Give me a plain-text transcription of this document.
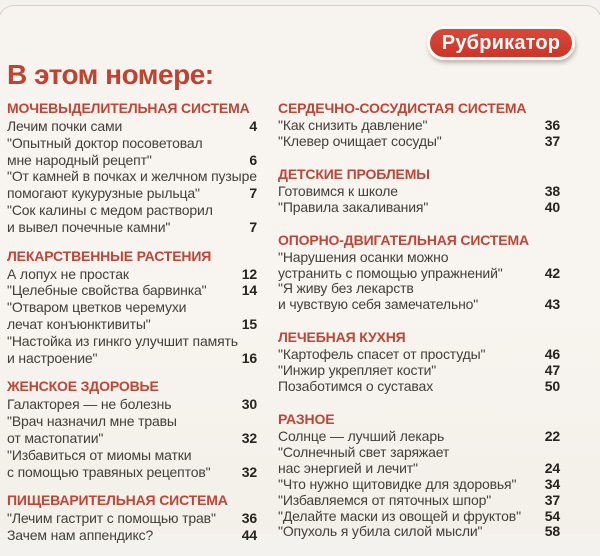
Рубрикатор
В этом номере:
МОЧЕВЫДЕЛИТЕЛЬНАЯ СИСТЕМА
Лечим почки сами	4
"Опытный доктор посоветовал
мне народный рецепт"	6
"От камней в почках и желчном пузыре
помогают кукурузные рыльца"	7
"Сок калины с медом растворил
и вывел почечные камни"	7
ЛЕКАРСТВЕННЫЕ РАСТЕНИЯ
А лопух не простак	12
"Целебные свойства барвинка"	14
"Отваром цветков черемухи
лечат конъюнктивиты"	15
"Настойка из гинкго улучшит память
и настроение"	16
ЖЕНСКОЕ ЗДОРОВЬЕ
Галакторея — не болезнь	30
"Врач назначил мне травы
от мастопатии"	32
"Избавиться от миомы матки
с помощью травяных рецептов"	32
ПИЩЕВАРИТЕЛЬНАЯ СИСТЕМА
"Лечим гастрит с помощью трав"	36
Зачем нам аппендикс?	44
СЕРДЕЧНО-СОСУДИСТАЯ СИСТЕМА
"Как снизить давление"	36
"Клевер очищает сосуды"	37
ДЕТСКИЕ ПРОБЛЕМЫ
Готовимся к школе	38
"Правила закаливания"	40
ОПОРНО-ДВИГАТЕЛЬНАЯ СИСТЕМА
"Нарушения осанки можно
устранить с помощью упражнений"	42
"Я живу без лекарств
и чувствую себя замечательно"	43
ЛЕЧЕБНАЯ КУХНЯ
"Картофель спасет от простуды"	46
"Инжир укрепляет кости"	47
Позаботимся о суставах	50
РАЗНОЕ
Солнце — лучший лекарь	22
"Солнечный свет заряжает
нас энергией и лечит"	24
"Что нужно щитовидке для здоровья"	34
"Избавляемся от пяточных шпор"	37
"Делайте маски из овощей и фруктов"	54
"Опухоль я убила силой мысли"	58
